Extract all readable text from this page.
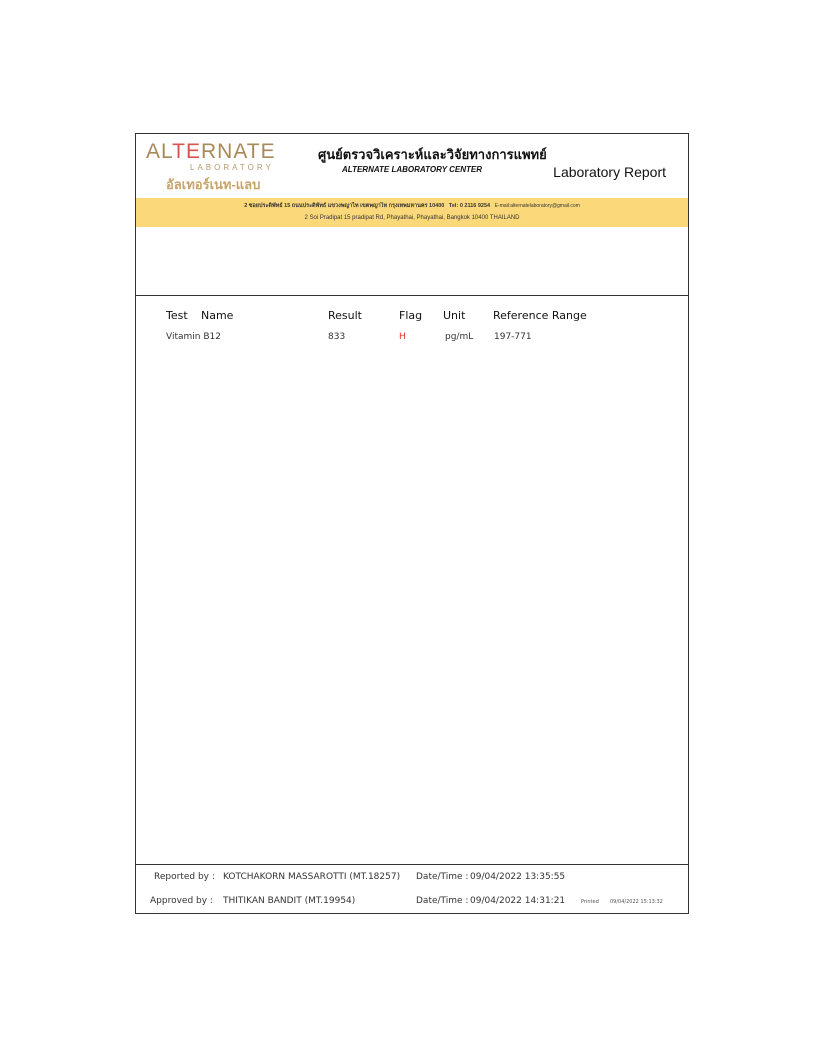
ALTERNATE
LABORATORY
อัลเทอร์เนท-แลบ
ศูนย์ตรวจวิเคราะห์และวิจัยทางการแพทย์
ALTERNATE LABORATORY CENTER	Laboratory Report
2 ซอยประดิพัทธ์ 15 ถนนประดิพัทธ์ แขวงพญาไท เขตพญาไท กรุงเทพมหานคร 10400 Tel: 0 2116 9254 E-mail:alternatelaboratory@gmail.com
2 Soi Pradipat 15 pradipat Rd, Phayathai, Phayathai, Bangkok 10400 THAILAND
Test Name	Result	Flag Unit	Reference Range
Vitamin B12	833	H	pg/mL 197-771
Reported by : KOTCHAKORN MASSAROTTI (MT.18257) Date/Time : 09/04/2022 13:35:55
Approved by : THITIKAN BANDIT (MT.19954)	Date/Time : 09/04/2022 14:31:21	Printed 09/04/2022 15:13:32
